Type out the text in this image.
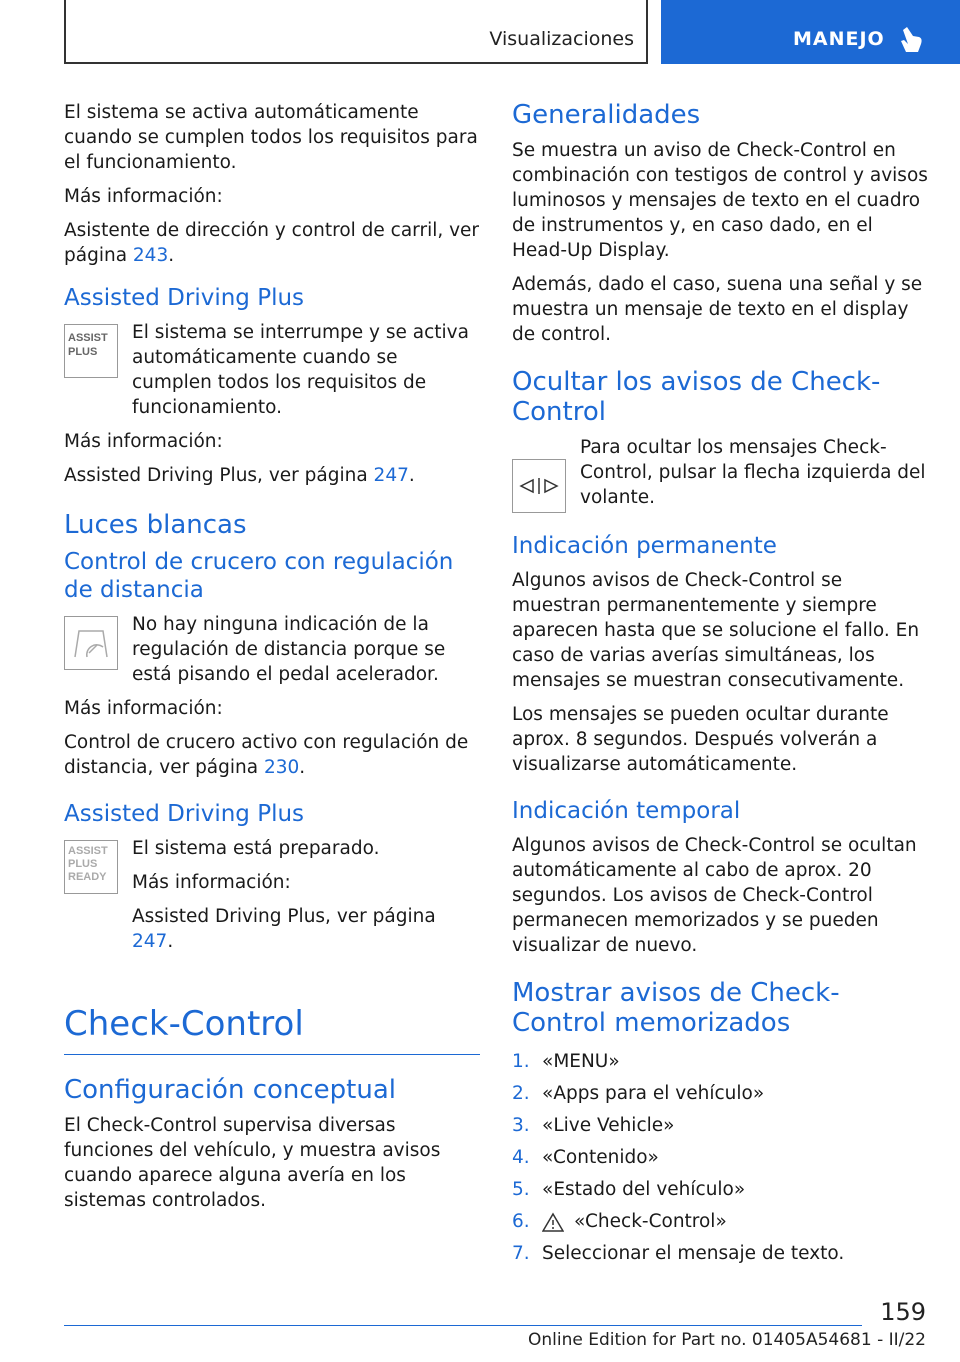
Visualizaciones	MANEJO

El sistema se activa automáticamente cuando se cumplen todos los requisitos para el funcionamiento.

Más información:

Asistente de dirección y control de carril, ver página 243.

Assisted Driving Plus
ASSIST
PLUS

El sistema se interrumpe y se activa automáticamente cuando se cumplen todos los requisitos de funcionamiento.

Más información:

Assisted Driving Plus, ver página 247.

Luces blancas
Control de crucero con regulación de distancia

No hay ninguna indicación de la regulación de distancia porque se está pisando el pedal acelerador.

Más información:

Control de crucero activo con regulación de distancia, ver página 230.

Assisted Driving Plus
ASSIST
PLUS
READY

El sistema está preparado.

Más información:

Assisted Driving Plus, ver página 247.

Check-Control
Configuración conceptual

El Check-Control supervisa diversas funciones del vehículo, y muestra avisos cuando aparece alguna avería en los sistemas controlados.

Generalidades

Se muestra un aviso de Check-Control en combinación con testigos de control y avisos luminosos y mensajes de texto en el cuadro de instrumentos y, en caso dado, en el Head-Up Display.

Además, dado el caso, suena una señal y se muestra un mensaje de texto en el display de control.

Ocultar los avisos de Check-Control

Para ocultar los mensajes Check-Control, pulsar la flecha izquierda del volante.

Indicación permanente

Algunos avisos de Check-Control se muestran permanentemente y siempre aparecen hasta que se solucione el fallo. En caso de varias averías simultáneas, los mensajes se muestran consecutivamente.

Los mensajes se pueden ocultar durante aprox. 8 segundos. Después volverán a visualizarse automáticamente.

Indicación temporal

Algunos avisos de Check-Control se ocultan automáticamente al cabo de aprox. 20 segundos. Los avisos de Check-Control permanecen memorizados y se pueden visualizar de nuevo.

Mostrar avisos de Check-Control memorizados
1. «MENU»
2. «Apps para el vehículo»
3. «Live Vehicle»
4. «Contenido»
5. «Estado del vehículo»
6. «Check-Control»
7. Seleccionar el mensaje de texto.
159
Online Edition for Part no. 01405A54681 - II/22
